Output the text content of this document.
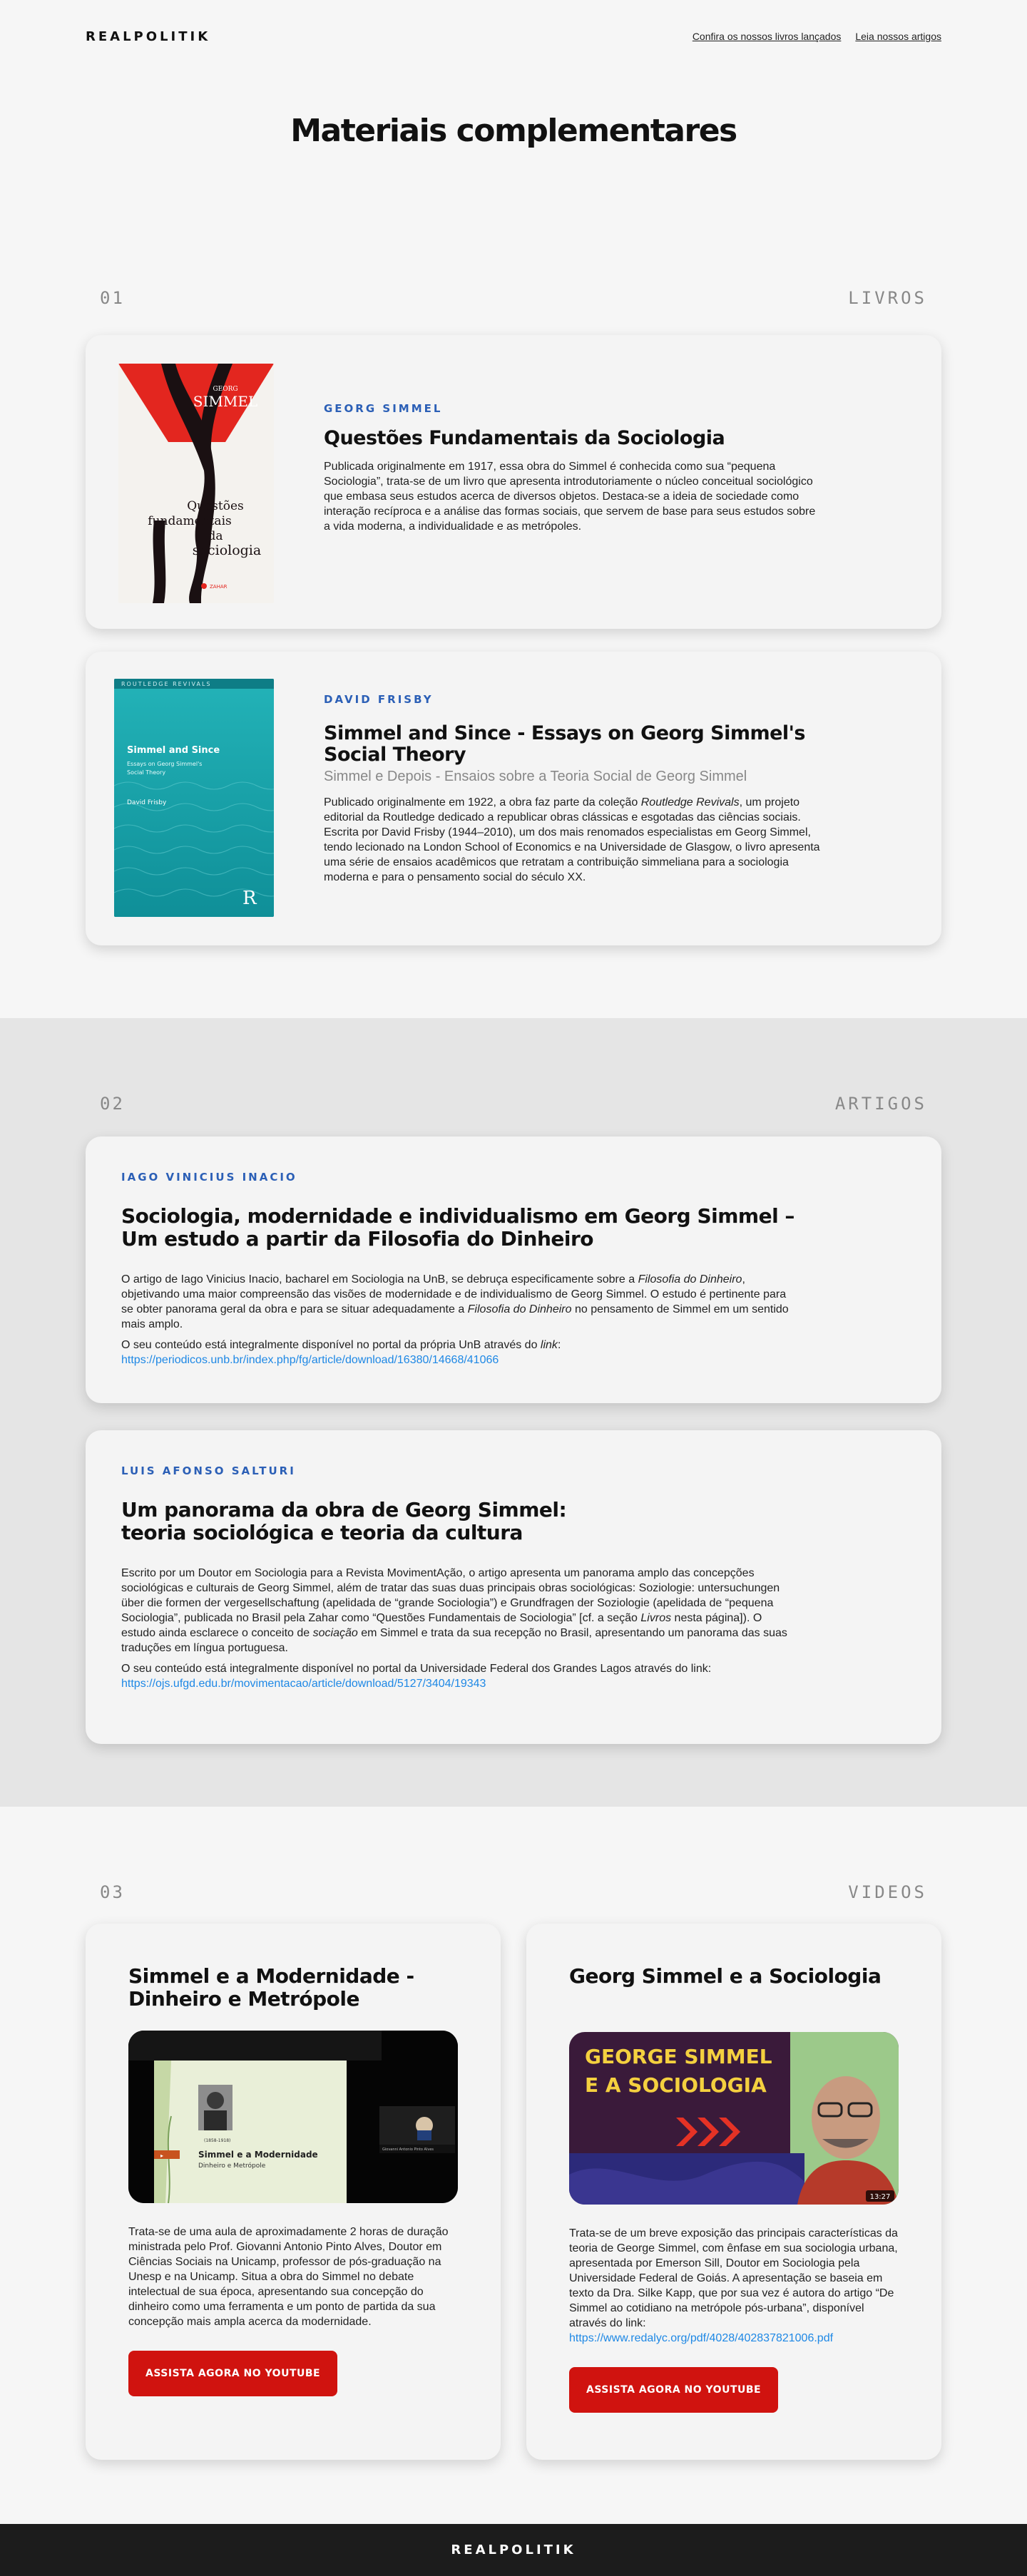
REALPOLITIK	Confira os nossos livros lançados Leia nossos artigos
Materiais complementares
01	LIVROS
GEORG
SIMMEL
Questões
fundamentais
da
sociologia
ZAHAR
GEORG SIMMEL
Questões Fundamentais da Sociologia

Publicada originalmente em 1917, essa obra do Simmel é conhecida como sua “pequena Sociologia”, trata-se de um livro que apresenta introdutoriamente o núcleo conceitual sociológico que embasa seus estudos acerca de diversos objetos. Destaca-se a ideia de sociedade como interação recíproca e a análise das formas sociais, que servem de base para seus estudos sobre a vida moderna, a individualidade e as metrópoles.

ROUTLEDGE REVIVALS
Simmel and Since
Essays on Georg Simmel's
Social Theory
David Frisby
R
DAVID FRISBY
Simmel and Since - Essays on Georg Simmel's Social Theory
Simmel e Depois - Ensaios sobre a Teoria Social de Georg Simmel

Publicado originalmente em 1922, a obra faz parte da coleção Routledge Revivals, um projeto editorial da Routledge dedicado a republicar obras clássicas e esgotadas das ciências sociais. Escrita por David Frisby (1944–2010), um dos mais renomados especialistas em Georg Simmel, tendo lecionado na London School of Economics e na Universidade de Glasgow, o livro apresenta uma série de ensaios acadêmicos que retratam a contribuição simmeliana para a sociologia moderna e para o pensamento social do século XX.

02	ARTIGOS
IAGO VINICIUS INACIO
Sociologia, modernidade e individualismo em Georg Simmel –
Um estudo a partir da Filosofia do Dinheiro

O artigo de Iago Vinicius Inacio, bacharel em Sociologia na UnB, se debruça especificamente sobre a Filosofia do Dinheiro, objetivando uma maior compreensão das visões de modernidade e de individualismo de Georg Simmel. O estudo é pertinente para se obter panorama geral da obra e para se situar adequadamente a Filosofia do Dinheiro no pensamento de Simmel em um sentido mais amplo.

O seu conteúdo está integralmente disponível no portal da própria UnB através do link:
https://periodicos.unb.br/index.php/fg/article/download/16380/14668/41066

LUIS AFONSO SALTURI
Um panorama da obra de Georg Simmel:
teoria sociológica e teoria da cultura

Escrito por um Doutor em Sociologia para a Revista MovimentAção, o artigo apresenta um panorama amplo das concepções sociológicas e culturais de Georg Simmel, além de tratar das suas duas principais obras sociológicas: Soziologie: untersuchungen über die formen der vergesellschaftung (apelidada de “grande Sociologia”) e Grundfragen der Soziologie (apelidada de “pequena Sociologia”, publicada no Brasil pela Zahar como “Questões Fundamentais de Sociologia” [cf. a seção Livros nesta página]). O estudo ainda esclarece o conceito de sociação em Simmel e trata da sua recepção no Brasil, apresentando um panorama das suas traduções em língua portuguesa.

O seu conteúdo está integralmente disponível no portal da Universidade Federal dos Grandes Lagos através do link: https://ojs.ufgd.edu.br/movimentacao/article/download/5127/3404/19343

03	VIDEOS
Simmel e a Modernidade -
Dinheiro e Metrópole
▸
(1858-1918)
Simmel e a Modernidade
Dinheiro e Metrópole
Giovanni Antonio Pinto Alves

Trata-se de uma aula de aproximadamente 2 horas de duração ministrada pelo Prof. Giovanni Antonio Pinto Alves, Doutor em Ciências Sociais na Unicamp, professor de pós-graduação na Unesp e na Unicamp. Situa a obra do Simmel no debate intelectual de sua época, apresentando sua concepção do dinheiro como uma ferramenta e um ponto de partida da sua concepção mais ampla acerca da modernidade.

ASSISTA AGORA NO YOUTUBE
Georg Simmel e a Sociologia
GEORGE SIMMEL
E A SOCIOLOGIA
13:27

Trata-se de um breve exposição das principais características da teoria de George Simmel, com ênfase em sua sociologia urbana, apresentada por Emerson Sill, Doutor em Sociologia pela Universidade Federal de Goiás. A apresentação se baseia em texto da Dra. Silke Kapp, que por sua vez é autora do artigo “De Simmel ao cotidiano na metrópole pós-urbana”, disponível através do link:
https://www.redalyc.org/pdf/4028/402837821006.pdf

ASSISTA AGORA NO YOUTUBE
REALPOLITIK
